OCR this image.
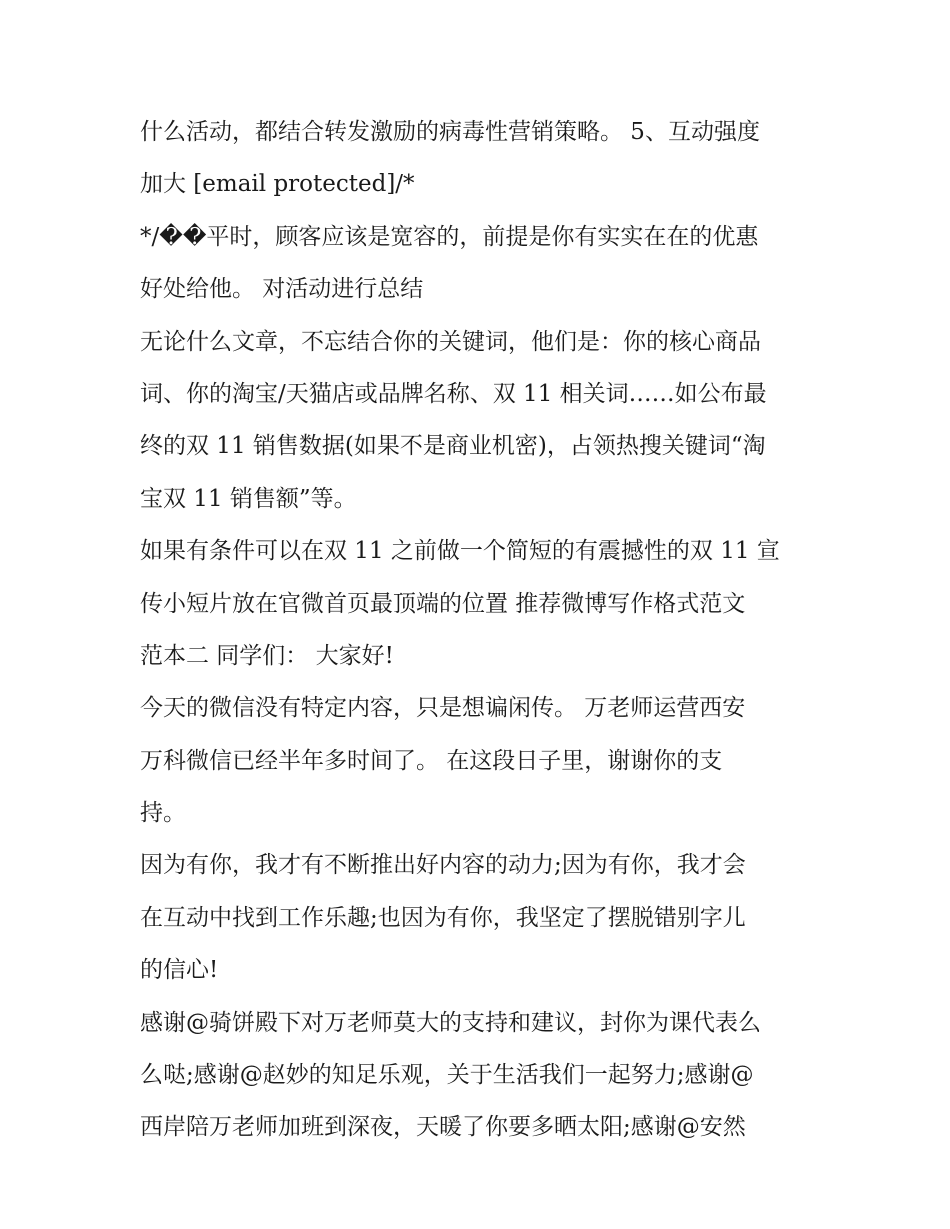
什么活动，都结合转发激励的病毒性营销策略。 5、互动强度
加大 [email protected]/*

*/��平时，顾客应该是宽容的，前提是你有实实在在的优惠
好处给他。 对活动进行总结

无论什么文章，不忘结合你的关键词，他们是：你的核心商品
词、你的淘宝/天猫店或品牌名称、双 11 相关词……如公布最
终的双 11 销售数据(如果不是商业机密)，占领热搜关键词“淘
宝双 11 销售额”等。

如果有条件可以在双 11 之前做一个简短的有震撼性的双 11 宣
传小短片放在官微首页最顶端的位置 推荐微博写作格式范文
范本二 同学们： 大家好!

今天的微信没有特定内容，只是想谝闲传。 万老师运营西安
万科微信已经半年多时间了。 在这段日子里，谢谢你的支
持。

因为有你，我才有不断推出好内容的动力;因为有你，我才会
在互动中找到工作乐趣;也因为有你，我坚定了摆脱错别字儿
的信心!

感谢@骑饼殿下对万老师莫大的支持和建议，封你为课代表么
么哒;感谢@赵妙的知足乐观，关于生活我们一起努力;感谢@
西岸陪万老师加班到深夜，天暖了你要多晒太阳;感谢@安然
